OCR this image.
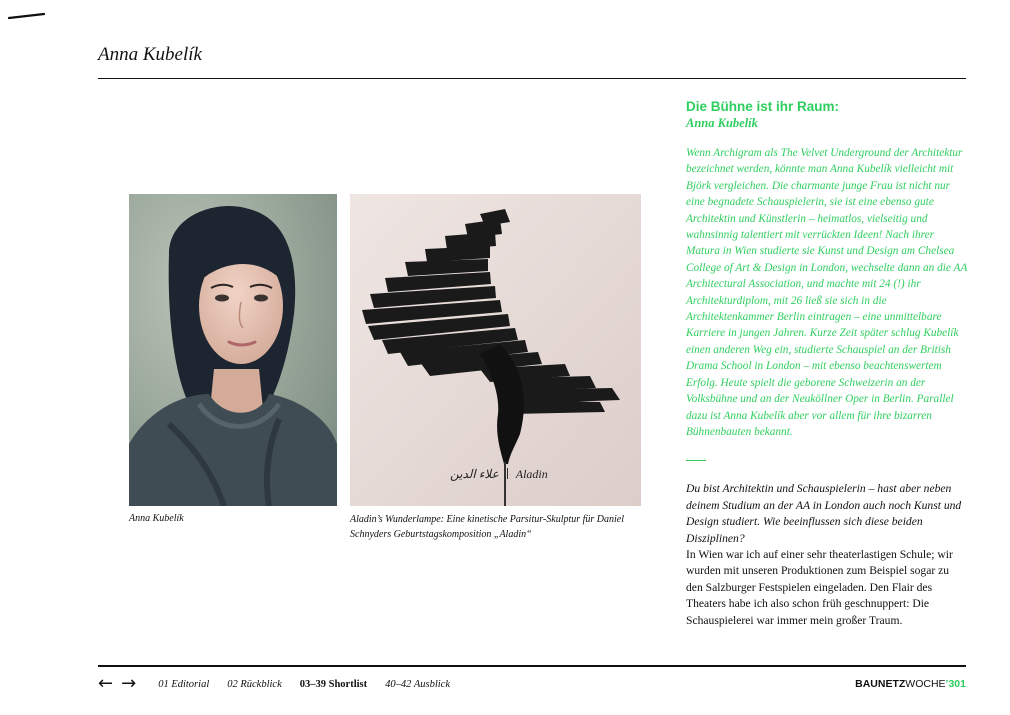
Anna Kubelík
علاء الدين Aladin
Anna Kubelík	Aladin’s Wunderlampe: Eine kinetische Parsitur-Skulptur für Daniel Schnyders Geburtstagskomposition „Aladin“

Die Bühne ist ihr Raum:

Anna Kubelík

Wenn Archigram als The Velvet Underground der Architektur bezeichnet werden, könnte man Anna Kubelík vielleicht mit Björk vergleichen. Die charmante junge Frau ist nicht nur eine begnadete Schauspielerin, sie ist eine ebenso gute Architektin und Künstlerin – heimatlos, vielseitig und wahnsinnig talentiert mit verrückten Ideen! Nach ihrer Matura in Wien studierte sie Kunst und Design am Chelsea College of Art & Design in London, wechselte dann an die AA Architectural Association, und machte mit 24 (!) ihr Architekturdiplom, mit 26 ließ sie sich in die Architektenkammer Berlin eintragen – eine unmittelbare Karriere in jungen Jahren. Kurze Zeit später schlug Kubelík einen anderen Weg ein, studierte Schauspiel an der British Drama School in London – mit ebenso beachtenswertem Erfolg. Heute spielt die geborene Schweizerin an der Volksbühne und an der Neuköllner Oper in Berlin. Parallel dazu ist Anna Kubelík aber vor allem für ihre bizarren Bühnenbauten bekannt.

Du bist Architektin und Schauspielerin – hast aber neben deinem Studium an der AA in London auch noch Kunst und Design studiert. Wie beeinflussen sich diese beiden Disziplinen?

In Wien war ich auf einer sehr theaterlastigen Schule; wir wurden mit unseren Produktionen zum Beispiel sogar zu den Salzburger Festspielen eingeladen. Den Flair des Theaters habe ich also schon früh geschnuppert: Die Schauspielerei war immer mein großer Traum.

← → 01 Editorial 02 Rückblick 03–39 Shortlist 40–42 Ausblick	BAUNETZWOCHE’301
